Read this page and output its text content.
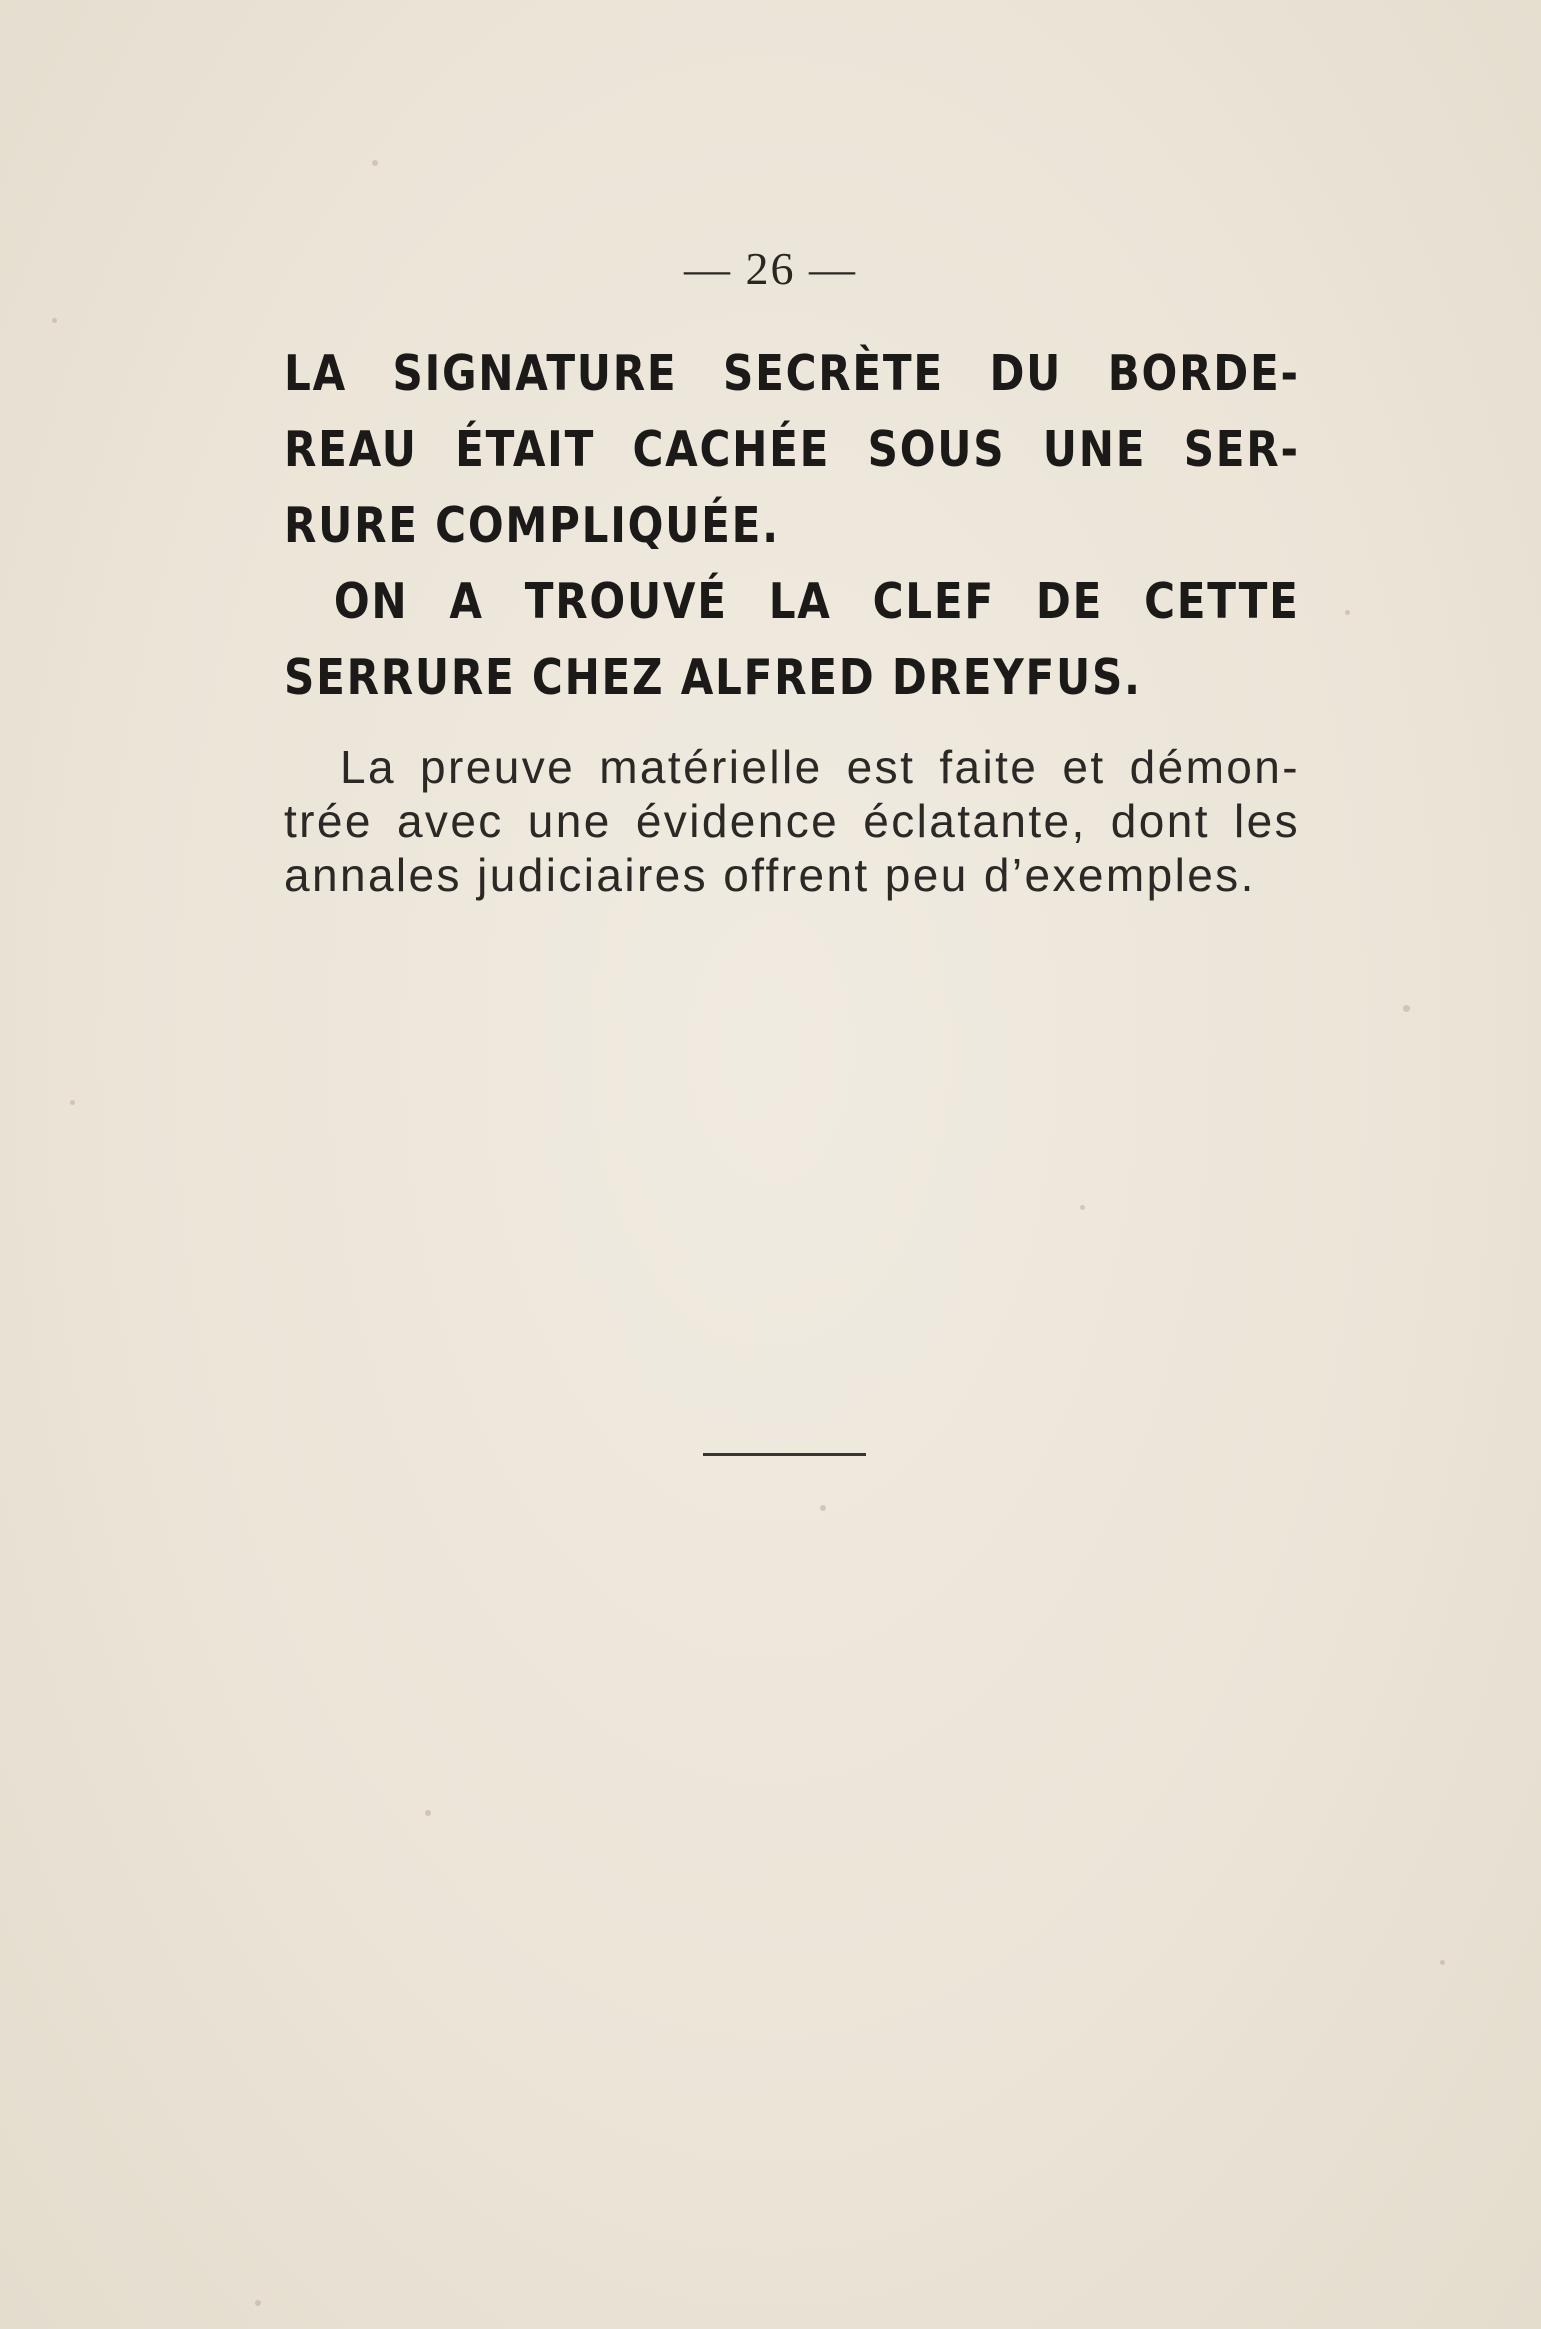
— 26 —
LA SIGNATURE SECRÈTE DU BORDE-
REAU ÉTAIT CACHÉE SOUS UNE SER-
RURE COMPLIQUÉE.
ON A TROUVÉ LA CLEF DE CETTE
SERRURE CHEZ ALFRED DREYFUS.
La preuve matérielle est faite et démon-
trée avec une évidence éclatante, dont les
annales judiciaires offrent peu d’exemples.
